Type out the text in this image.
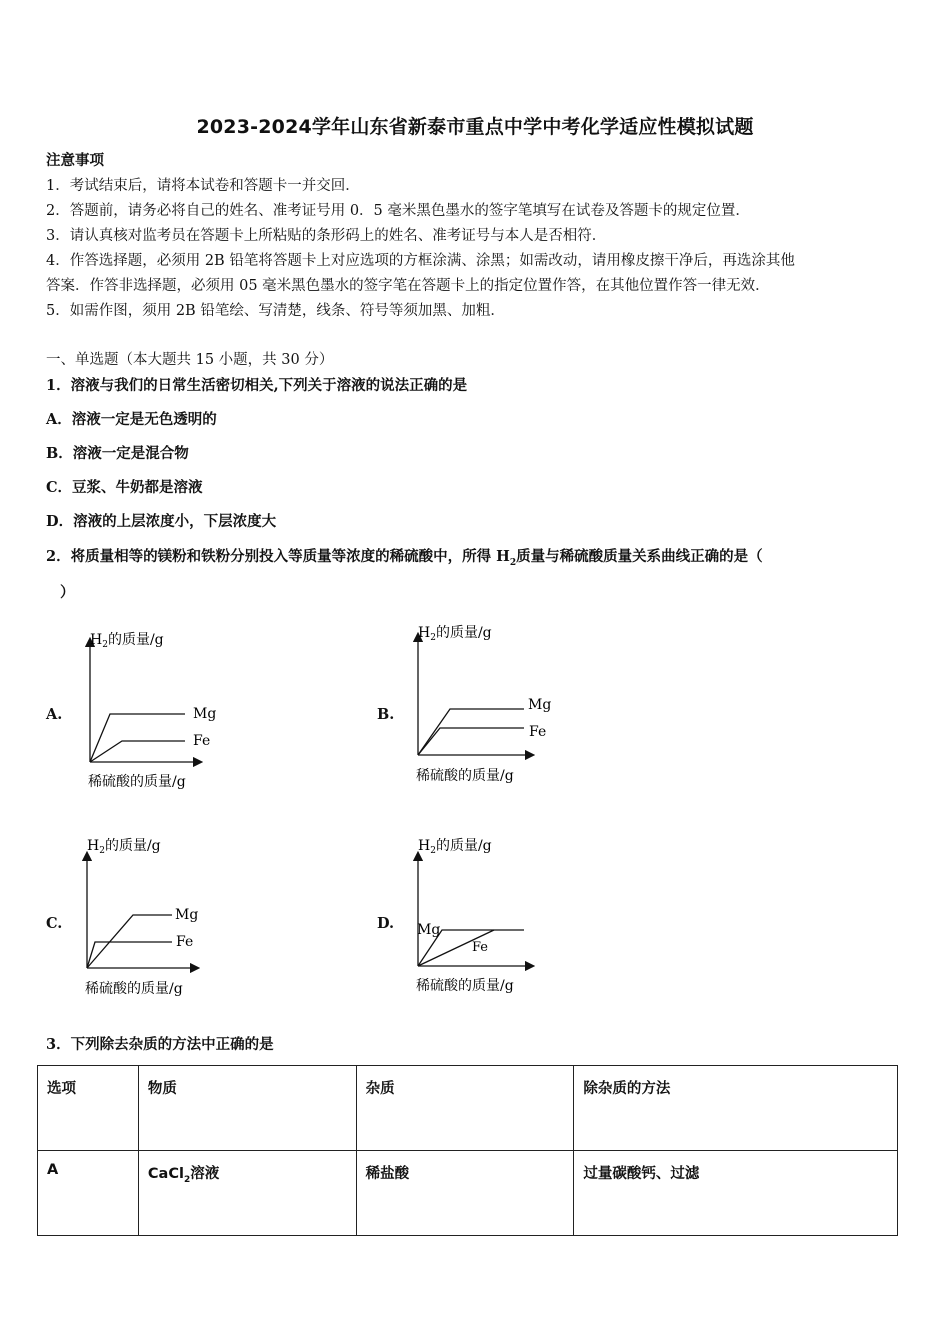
2023-2024学年山东省新泰市重点中学中考化学适应性模拟试题
注意事项
1．考试结束后，请将本试卷和答题卡一并交回．
2．答题前，请务必将自己的姓名、准考证号用 0．5 毫米黑色墨水的签字笔填写在试卷及答题卡的规定位置．
3．请认真核对监考员在答题卡上所粘贴的条形码上的姓名、准考证号与本人是否相符．
4．作答选择题，必须用 2B 铅笔将答题卡上对应选项的方框涂满、涂黑；如需改动，请用橡皮擦干净后，再选涂其他
答案．作答非选择题，必须用 05 毫米黑色墨水的签字笔在答题卡上的指定位置作答，在其他位置作答一律无效．
5．如需作图，须用 2B 铅笔绘、写清楚，线条、符号等须加黑、加粗．
一、单选题（本大题共 15 小题，共 30 分）
1．溶液与我们的日常生活密切相关,下列关于溶液的说法正确的是
A．溶液一定是无色透明的
B．溶液一定是混合物
C．豆浆、牛奶都是溶液
D．溶液的上层浓度小，下层浓度大
2．将质量相等的镁粉和铁粉分别投入等质量等浓度的稀硫酸中，所得 $H_2$质量与稀硫酸质量关系曲线正确的是（
）
A.	B.
C.	D.
$H_2$的质量/g
Mg
Fe
稀硫酸的质量/g
$H_2$的质量/g
Mg
Fe
稀硫酸的质量/g
$H_2$的质量/g
Mg
Fe
稀硫酸的质量/g
$H_2$的质量/g
Mg
Fe
稀硫酸的质量/g
3．下列除去杂质的方法中正确的是
选项	物质	杂质	除杂质的方法
A	CaCl$_2$溶液	稀盐酸	过量碳酸钙、过滤
